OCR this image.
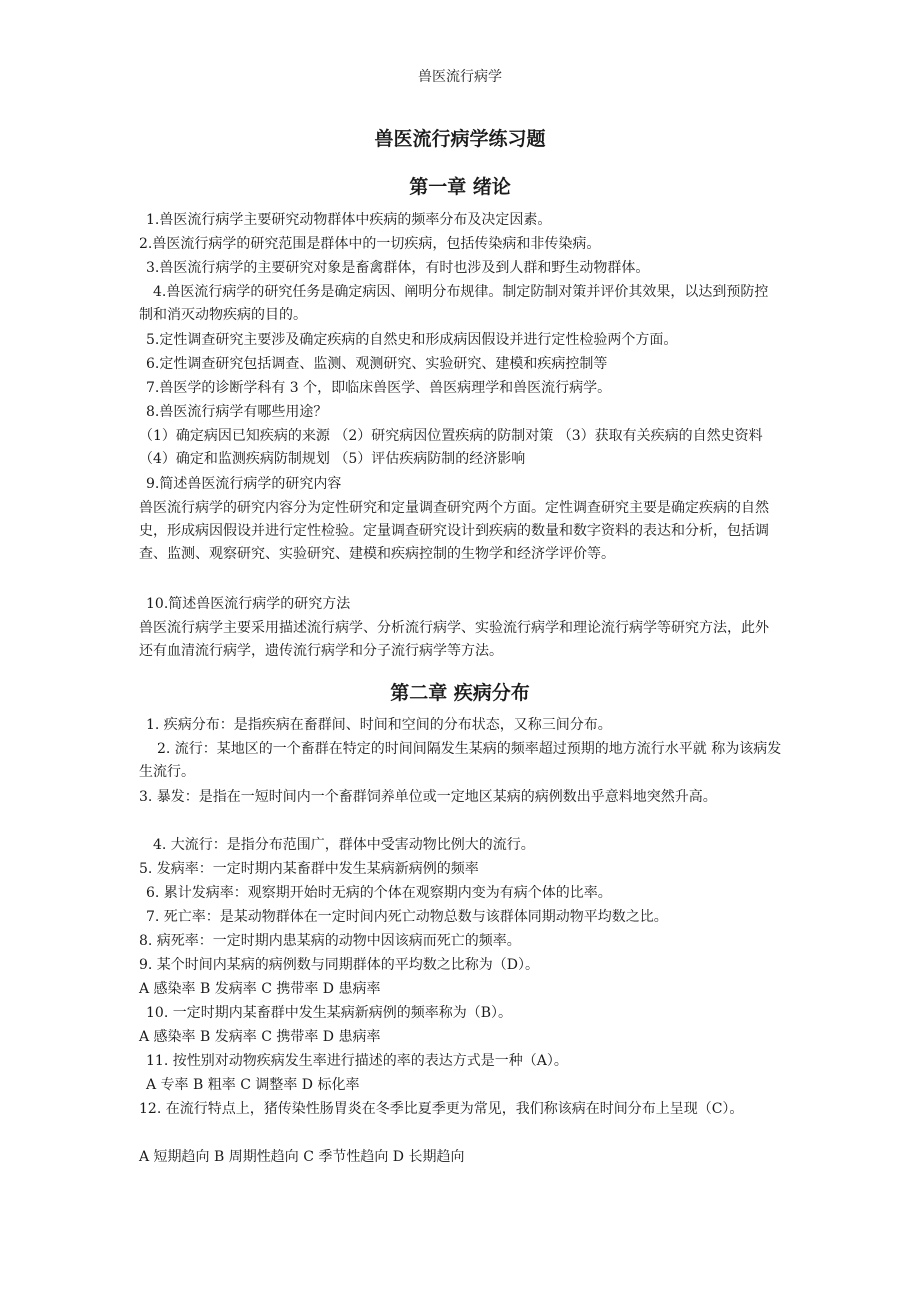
兽医流行病学
兽医流行病学练习题
第一章 绪论
1.兽医流行病学主要研究动物群体中疾病的频率分布及决定因素。
2.兽医流行病学的研究范围是群体中的一切疾病，包括传染病和非传染病。
3.兽医流行病学的主要研究对象是畜禽群体，有时也涉及到人群和野生动物群体。
4.兽医流行病学的研究任务是确定病因、阐明分布规律。制定防制对策并评价其效果，以达到预防控制和消灭动物疾病的目的。
5.定性调查研究主要涉及确定疾病的自然史和形成病因假设并进行定性检验两个方面。
6.定性调查研究包括调查、监测、观测研究、实验研究、建模和疾病控制等
7.兽医学的诊断学科有 3 个，即临床兽医学、兽医病理学和兽医流行病学。
8.兽医流行病学有哪些用途？
（1）确定病因已知疾病的来源 （2）研究病因位置疾病的防制对策 （3）获取有关疾病的自然史资料 （4）确定和监测疾病防制规划 （5）评估疾病防制的经济影响
9.简述兽医流行病学的研究内容
兽医流行病学的研究内容分为定性研究和定量调查研究两个方面。定性调查研究主要是确定疾病的自然史，形成病因假设并进行定性检验。定量调查研究设计到疾病的数量和数字资料的表达和分析，包括调查、监测、观察研究、实验研究、建模和疾病控制的生物学和经济学评价等。
10.简述兽医流行病学的研究方法
兽医流行病学主要采用描述流行病学、分析流行病学、实验流行病学和理论流行病学等研究方法，此外还有血清流行病学，遗传流行病学和分子流行病学等方法。
第二章 疾病分布
1. 疾病分布：是指疾病在畜群间、时间和空间的分布状态，又称三间分布。
2. 流行：某地区的一个畜群在特定的时间间隔发生某病的频率超过预期的地方流行水平就 称为该病发生流行。
3. 暴发：是指在一短时间内一个畜群饲养单位或一定地区某病的病例数出乎意料地突然升高。
4. 大流行：是指分布范围广，群体中受害动物比例大的流行。
5. 发病率：一定时期内某畜群中发生某病新病例的频率
6. 累计发病率：观察期开始时无病的个体在观察期内变为有病个体的比率。
7. 死亡率：是某动物群体在一定时间内死亡动物总数与该群体同期动物平均数之比。
8. 病死率：一定时期内患某病的动物中因该病而死亡的频率。
9. 某个时间内某病的病例数与同期群体的平均数之比称为（D）。
A 感染率 B 发病率 C 携带率 D 患病率
10. 一定时期内某畜群中发生某病新病例的频率称为（B）。
A 感染率 B 发病率 C 携带率 D 患病率
11. 按性别对动物疾病发生率进行描述的率的表达方式是一种（A）。
A 专率 B 粗率 C 调整率 D 标化率
12. 在流行特点上，猪传染性肠胃炎在冬季比夏季更为常见，我们称该病在时间分布上呈现（C）。
A 短期趋向 B 周期性趋向 C 季节性趋向 D 长期趋向
